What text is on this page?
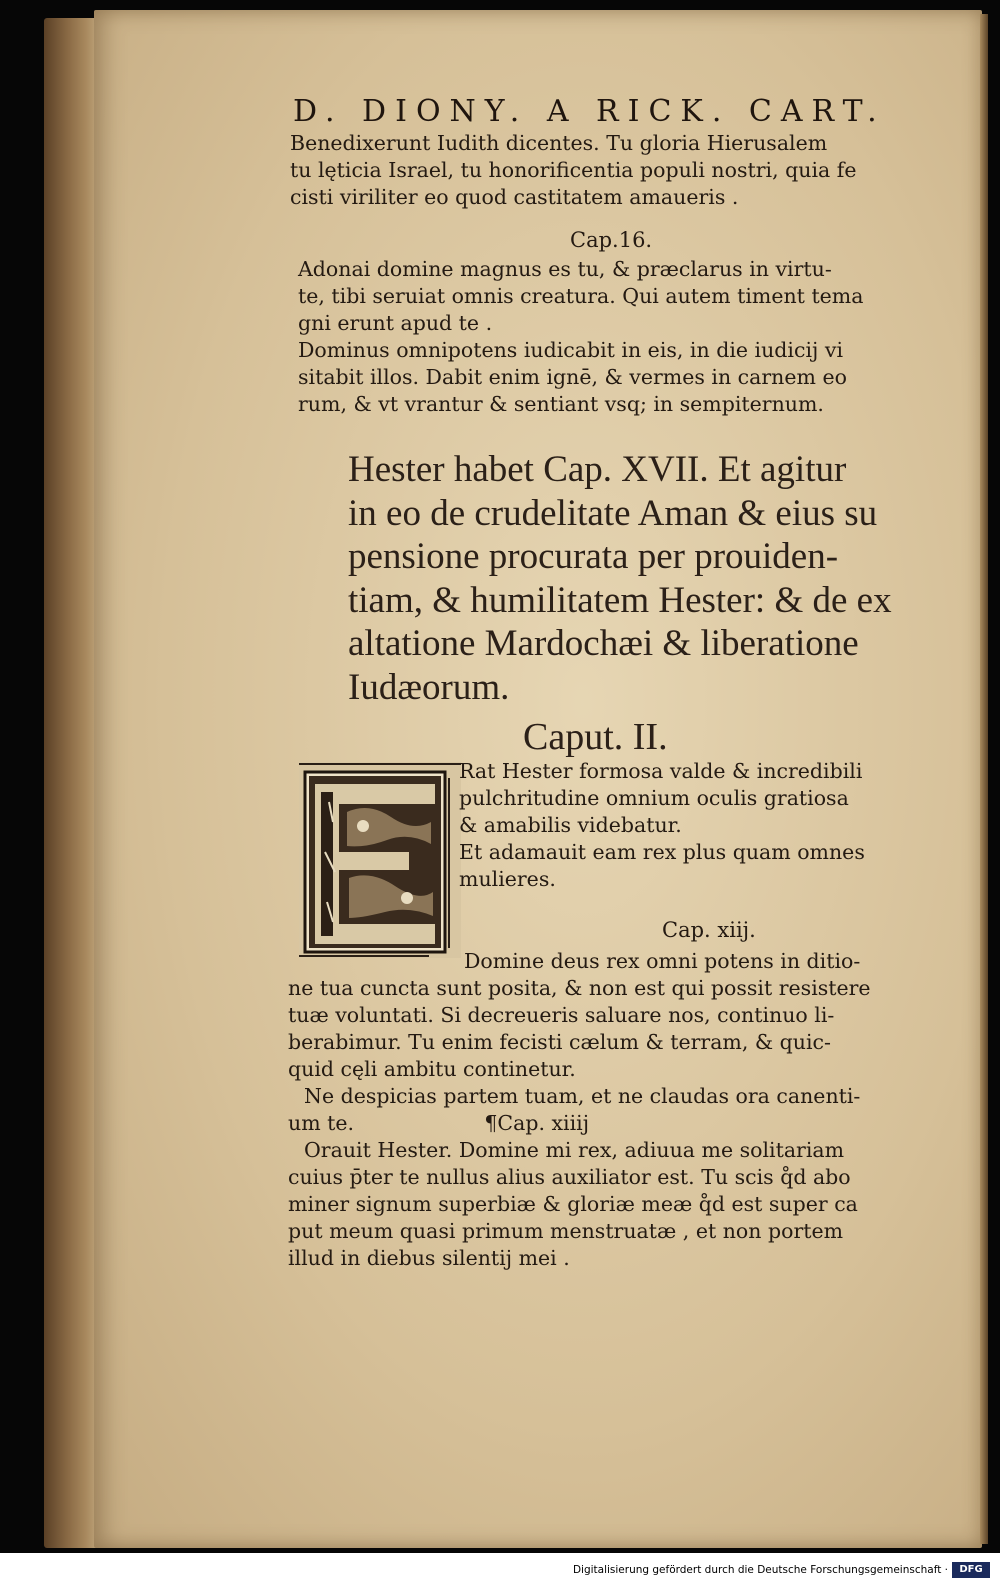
D. DIONY. A RICK. CART.
Benedixerunt Iudith dicentes. Tu gloria Hierusalem
tu lęticia Israel, tu honorificentia populi nostri, quia fe
cisti viriliter eo quod castitatem amaueris .
Cap.16.
Adonai domine magnus es tu, & præclarus in virtu-
te, tibi seruiat omnis creatura. Qui autem timent tema
gni erunt apud te .
Dominus omnipotens iudicabit in eis, in die iudicij vi
sitabit illos. Dabit enim ignē, & vermes in carnem eo
rum, & vt vrantur & sentiant vsq; in sempiternum.
Hester habet Cap. XVII. Et agitur
in eo de crudelitate Aman & eius su
pensione procurata per prouiden-
tiam, & humilitatem Hester: & de ex
altatione Mardochæi & liberatione
Iudæorum.
Caput. II.
Rat Hester formosa valde & incredibili
pulchritudine omnium oculis gratiosa
& amabilis videbatur.
Et adamauit eam rex plus quam omnes
mulieres.
Cap. xiij.
Domine deus rex omni potens in ditio-
ne tua cuncta sunt posita, & non est qui possit resistere
tuæ voluntati. Si decreueris saluare nos, continuo li-
berabimur. Tu enim fecisti cælum & terram, & quic-
quid cęli ambitu continetur.
Ne despicias partem tuam, et ne claudas ora canenti-
um te.                    ¶Cap. xiiij
Orauit Hester. Domine mi rex, adiuua me solitariam
cuius p̄ter te nullus alius auxiliator est. Tu scis q̊d abo
miner signum superbiæ & gloriæ meæ q̊d est super ca
put meum quasi primum menstruatæ , et non portem
illud in diebus silentij mei .
Digitalisierung gefördert durch die Deutsche Forschungsgemeinschaft ·	DFG
